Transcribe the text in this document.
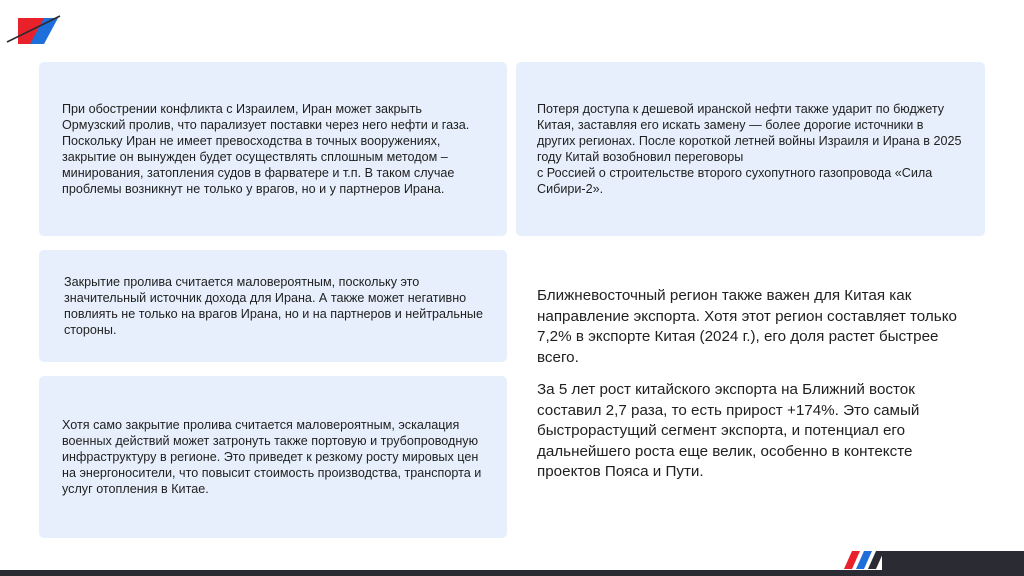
При обострении конфликта с Израилем, Иран может закрыть Ормузский пролив, что парализует поставки через него нефти и газа. Поскольку Иран не имеет превосходства в точных вооружениях, закрытие он вынужден будет осуществлять сплошным методом – минирования, затопления судов в фарватере и т.п. В таком случае проблемы возникнут не только у врагов, но и у партнеров Ирана.

Потеря доступа к дешевой иранской нефти также ударит по бюджету Китая, заставляя его искать замену — более дорогие источники в других регионах. После короткой летней войны Израиля и Ирана в 2025 году Китай возобновил переговоры
с Россией о строительстве второго сухопутного газопровода «Сила Сибири-2».

Закрытие пролива считается маловероятным, поскольку это значительный источник дохода для Ирана. А также может негативно повлиять не только на врагов Ирана, но и на партнеров и нейтральные стороны.

Хотя само закрытие пролива считается маловероятным, эскалация военных действий может затронуть также портовую и трубопроводную инфраструктуру в регионе. Это приведет к резкому росту мировых цен на энергоносители, что повысит стоимость производства, транспорта и услуг отопления в Китае.

Ближневосточный регион также важен для Китая как направление экспорта. Хотя этот регион составляет только 7,2% в экспорте Китая (2024 г.), его доля растет быстрее всего.

За 5 лет рост китайского экспорта на Ближний восток составил 2,7 раза, то есть прирост +174%. Это самый быстрорастущий сегмент экспорта, и потенциал его дальнейшего роста еще велик, особенно в контексте проектов Пояса и Пути.
